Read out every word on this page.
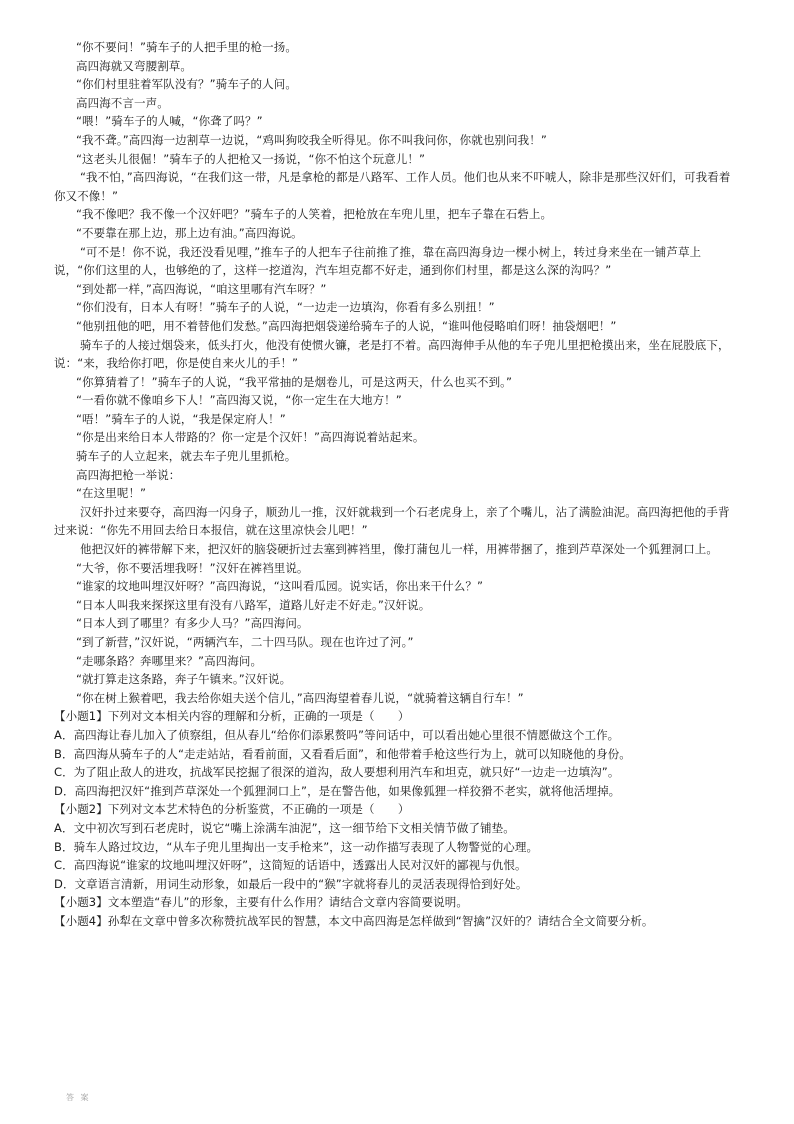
“你不要问！”骑车子的人把手里的枪一扬。

高四海就又弯腰割草。

“你们村里驻着军队没有？”骑车子的人问。

高四海不言一声。

“喂！”骑车子的人喊，“你聋了吗？”

“我不聋。”高四海一边割草一边说，“鸡叫狗咬我全听得见。你不叫我问你，你就也别问我！”

“这老头儿很倔！”骑车子的人把枪又一扬说，“你不怕这个玩意儿！”

“我不怕，”高四海说，“在我们这一带，凡是拿枪的都是八路军、工作人员。他们也从来不吓唬人，除非是那些汉奸们，可我看着你又不像！”

“我不像吧？我不像一个汉奸吧？”骑车子的人笑着，把枪放在车兜儿里，把车子靠在石砦上。

“不要靠在那上边，那上边有油。”高四海说。

“可不是！你不说，我还没看见哩，”推车子的人把车子往前推了推，靠在高四海身边一棵小树上，转过身来坐在一铺芦草上说，“你们这里的人，也够绝的了，这样一挖道沟，汽车坦克都不好走，通到你们村里，都是这么深的沟吗？”

“到处都一样，”高四海说，“咱这里哪有汽车呀？”

“你们没有，日本人有呀！”骑车子的人说，“一边走一边填沟，你看有多么别扭！”

“他别扭他的吧，用不着替他们发愁。”高四海把烟袋递给骑车子的人说，“谁叫他侵略咱们呀！抽袋烟吧！”

骑车子的人接过烟袋来，低头打火，他没有使惯火镰，老是打不着。高四海伸手从他的车子兜儿里把枪摸出来，坐在屁股底下，说：“来，我给你打吧，你是使自来火儿的手！”

“你算猜着了！”骑车子的人说，“我平常抽的是烟卷儿，可是这两天，什么也买不到。”

“一看你就不像咱乡下人！”高四海又说，“你一定生在大地方！”

“唔！”骑车子的人说，“我是保定府人！”

“你是出来给日本人带路的？你一定是个汉奸！”高四海说着站起来。

骑车子的人立起来，就去车子兜儿里抓枪。

高四海把枪一举说：

“在这里呢！”

汉奸扑过来要夺，高四海一闪身子，顺劲儿一推，汉奸就栽到一个石老虎身上，亲了个嘴儿，沾了满脸油泥。高四海把他的手背过来说：“你先不用回去给日本报信，就在这里凉快会儿吧！”

他把汉奸的裤带解下来，把汉奸的脑袋硬折过去塞到裤裆里，像打蒲包儿一样，用裤带捆了，推到芦草深处一个狐狸洞口上。

“大爷，你不要活埋我呀！”汉奸在裤裆里说。

“谁家的坟地叫埋汉奸呀？”高四海说，“这叫看瓜园。说实话，你出来干什么？”

“日本人叫我来探探这里有没有八路军，道路儿好走不好走。”汉奸说。

“日本人到了哪里？有多少人马？”高四海问。

“到了新营，”汉奸说，“两辆汽车，二十四马队。现在也许过了河。”

“走哪条路？奔哪里来？”高四海问。

“就打算走这条路，奔子午镇来。”汉奸说。

“你在树上猴着吧，我去给你姐夫送个信儿，”高四海望着春儿说，“就骑着这辆自行车！”

【小题1】下列对文本相关内容的理解和分析，正确的一项是（　　）

A．高四海让春儿加入了侦察组，但从春儿“给你们添累赘吗”等问话中，可以看出她心里很不情愿做这个工作。

B．高四海从骑车子的人“走走站站，看看前面，又看看后面”，和他带着手枪这些行为上，就可以知晓他的身份。

C．为了阻止敌人的进攻，抗战军民挖掘了很深的道沟，敌人要想利用汽车和坦克，就只好“一边走一边填沟”。

D．高四海把汉奸“推到芦草深处一个狐狸洞口上”，是在警告他，如果像狐狸一样狡猾不老实，就将他活埋掉。

【小题2】下列对文本艺术特色的分析鉴赏，不正确的一项是（　　）

A．文中初次写到石老虎时，说它“嘴上涂满车油泥”，这一细节给下文相关情节做了铺垫。

B．骑车人路过坟边，“从车子兜儿里掏出一支手枪来”，这一动作描写表现了人物警觉的心理。

C．高四海说“谁家的坟地叫埋汉奸呀”，这简短的话语中，透露出人民对汉奸的鄙视与仇恨。

D．文章语言清新，用词生动形象，如最后一段中的“猴”字就将春儿的灵活表现得恰到好处。

【小题3】文本塑造“春儿”的形象，主要有什么作用？请结合文章内容简要说明。

【小题4】孙犁在文章中曾多次称赞抗战军民的智慧，本文中高四海是怎样做到“智擒”汉奸的？请结合全文简要分析。

答 案
